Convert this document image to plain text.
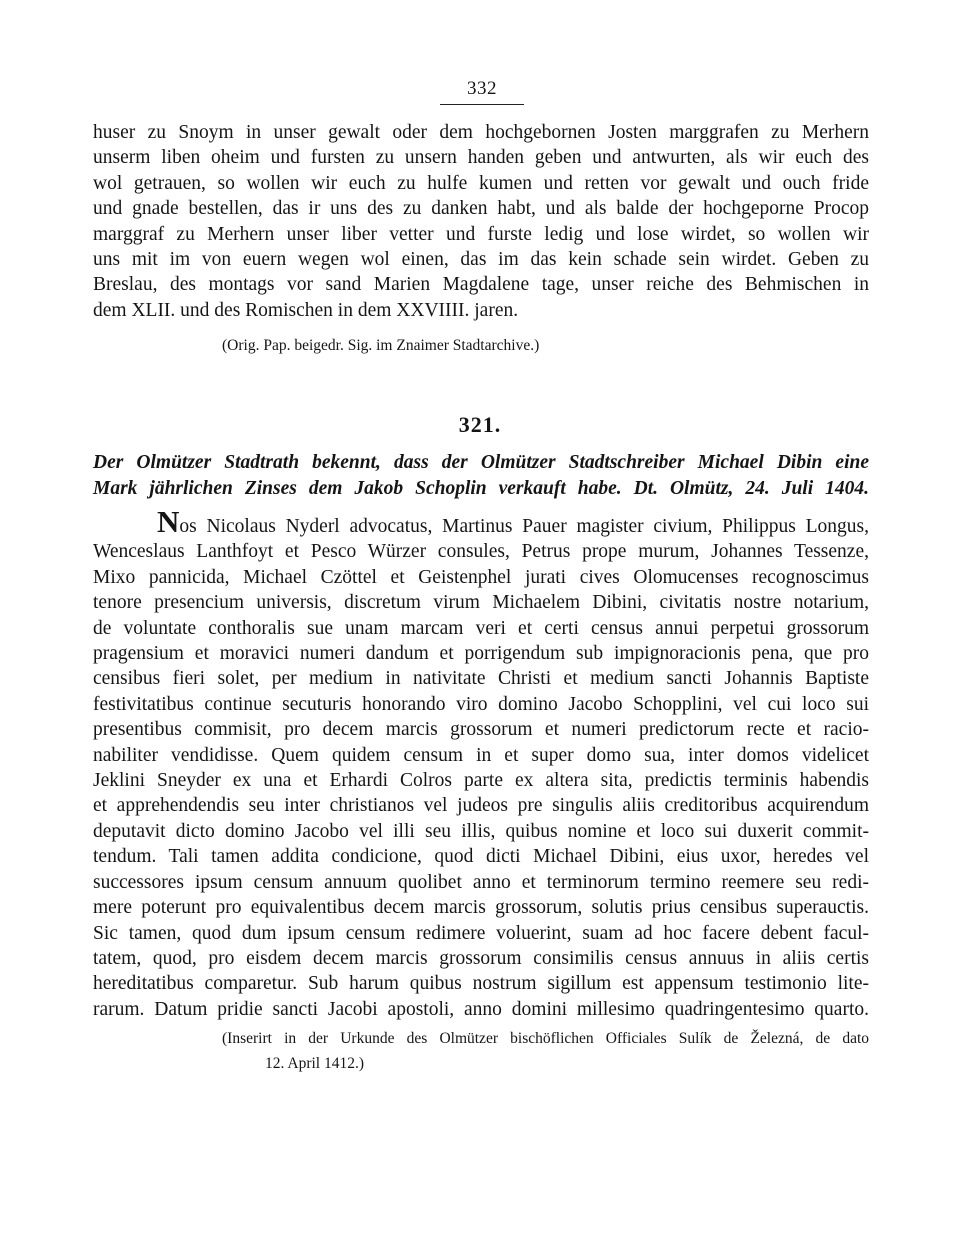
332

huser zu Snoym in unser gewalt oder dem hochgebornen Josten marggrafen zu Merhern
unserm liben oheim und fursten zu unsern handen geben und antwurten, als wir euch des
wol getrauen, so wollen wir euch zu hulfe kumen und retten vor gewalt und ouch fride
und gnade bestellen, das ir uns des zu danken habt, und als balde der hochgeporne Procop
marggraf zu Merhern unser liber vetter und furste ledig und lose wirdet, so wollen wir
uns mit im von euern wegen wol einen, das im das kein schade sein wirdet. Geben zu
Breslau, des montags vor sand Marien Magdalene tage, unser reiche des Behmischen in
dem XLII. und des Romischen in dem XXVIIII. jaren.

(Orig. Pap. beigedr. Sig. im Znaimer Stadtarchive.)

321.

Der Olmützer Stadtrath bekennt, dass der Olmützer Stadtschreiber Michael Dibin eine
Mark jährlichen Zinses dem Jakob Schoplin verkauft habe. Dt. Olmütz, 24. Juli 1404.

Nos Nicolaus Nyderl advocatus, Martinus Pauer magister civium, Philippus Longus,
Wenceslaus Lanthfoyt et Pesco Würzer consules, Petrus prope murum, Johannes Tessenze,
Mixo pannicida, Michael Czöttel et Geistenphel jurati cives Olomucenses recognoscimus
tenore presencium universis, discretum virum Michaelem Dibini, civitatis nostre notarium,
de voluntate conthoralis sue unam marcam veri et certi census annui perpetui grossorum
pragensium et moravici numeri dandum et porrigendum sub impignoracionis pena, que pro
censibus fieri solet, per medium in nativitate Christi et medium sancti Johannis Baptiste
festivitatibus continue secuturis honorando viro domino Jacobo Schopplini, vel cui loco sui
presentibus commisit, pro decem marcis grossorum et numeri predictorum recte et racio-
nabiliter vendidisse. Quem quidem censum in et super domo sua, inter domos videlicet
Jeklini Sneyder ex una et Erhardi Colros parte ex altera sita, predictis terminis habendis
et apprehendendis seu inter christianos vel judeos pre singulis aliis creditoribus acquirendum
deputavit dicto domino Jacobo vel illi seu illis, quibus nomine et loco sui duxerit commit-
tendum. Tali tamen addita condicione, quod dicti Michael Dibini, eius uxor, heredes vel
successores ipsum censum annuum quolibet anno et terminorum termino reemere seu redi-
mere poterunt pro equivalentibus decem marcis grossorum, solutis prius censibus superauctis.
Sic tamen, quod dum ipsum censum redimere voluerint, suam ad hoc facere debent facul-
tatem, quod, pro eisdem decem marcis grossorum consimilis census annuus in aliis certis
hereditatibus comparetur. Sub harum quibus nostrum sigillum est appensum testimonio lite-
rarum. Datum pridie sancti Jacobi apostoli, anno domini millesimo quadringentesimo quarto.

(Inserirt in der Urkunde des Olmützer bischöflichen Officiales Sulík de Železná, de dato

12. April 1412.)
